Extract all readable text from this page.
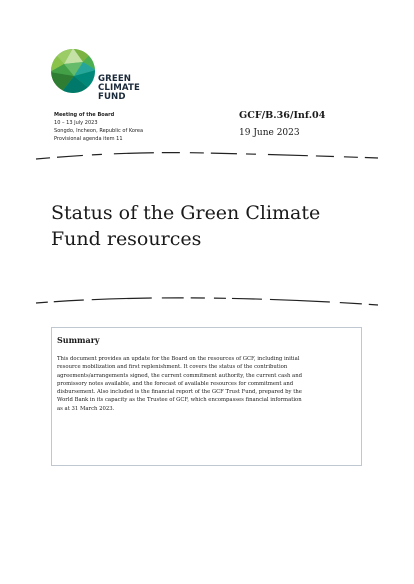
GREEN
CLIMATE
FUND
Meeting of the Board
10 – 13 July 2023
Songdo, Incheon, Republic of Korea
Provisional agenda item 11
GCF/B.36/Inf.04
19 June 2023
Status of the Green Climate
Fund resources
Summary
This document provides an update for the Board on the resources of GCF, including initial
resource mobilization and first replenishment. It covers the status of the contribution
agreements/arrangements signed, the current commitment authority, the current cash and
promissory notes available, and the forecast of available resources for commitment and
disbursement. Also included is the financial report of the GCF Trust Fund, prepared by the
World Bank in its capacity as the Trustee of GCF, which encompasses financial information
as at 31 March 2023.
